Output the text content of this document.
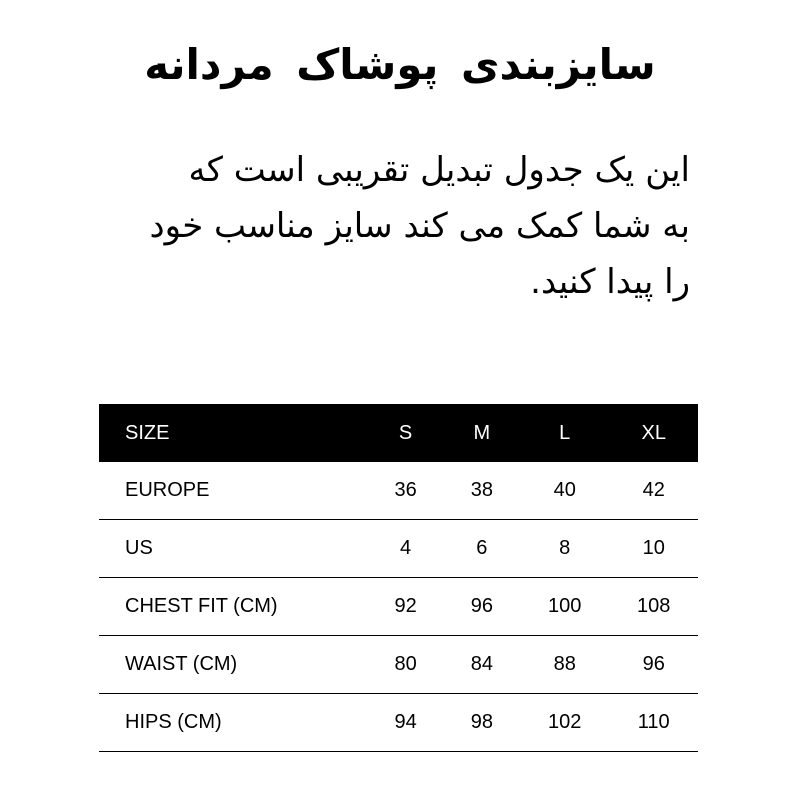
سایزبندی پوشاک مردانه
این یک جدول تبدیل تقریبی است که
به شما کمک می کند سایز مناسب خود
را پیدا کنید.
SIZE	S	M	L	XL
EUROPE	36	38	40	42
US	4	6	8	10
CHEST FIT (CM)	92	96	100	108
WAIST (CM)	80	84	88	96
HIPS (CM)	94	98	102	110
